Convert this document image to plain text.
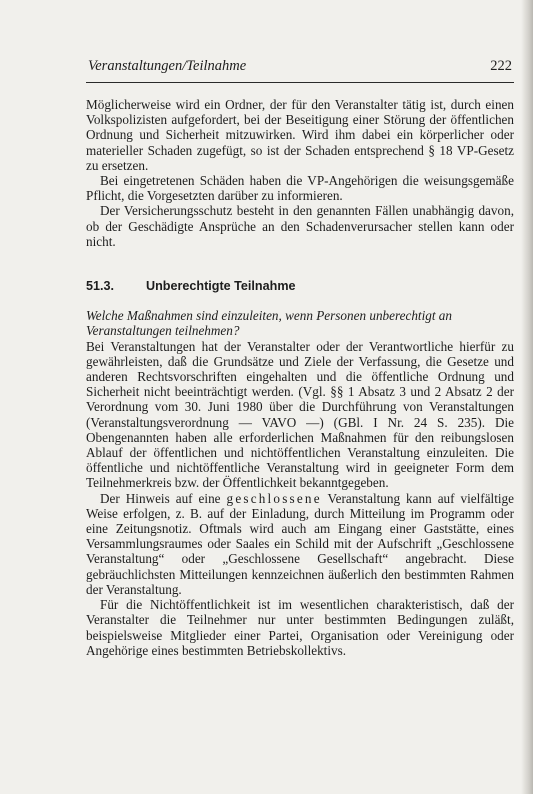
Veranstaltungen/Teilnahme	222

Möglicherweise wird ein Ordner, der für den Veranstalter tätig ist, durch einen Volkspolizisten aufgefordert, bei der Beseitigung einer Störung der öffentlichen Ordnung und Sicherheit mitzuwirken. Wird ihm dabei ein körperlicher oder materieller Schaden zugefügt, so ist der Schaden entsprechend § 18 VP-Gesetz zu ersetzen.

Bei eingetretenen Schäden haben die VP-Angehörigen die weisungsgemäße Pflicht, die Vorgesetzten darüber zu informieren.

Der Versicherungsschutz besteht in den genannten Fällen unabhängig davon, ob der Geschädigte Ansprüche an den Schadenverursacher stellen kann oder nicht.

51.3.	Unberechtigte Teilnahme

Welche Maßnahmen sind einzuleiten, wenn Personen unberechtigt an Veranstaltungen teilnehmen?

Bei Veranstaltungen hat der Veranstalter oder der Verantwortliche hierfür zu gewährleisten, daß die Grundsätze und Ziele der Verfassung, die Gesetze und anderen Rechtsvorschriften eingehalten und die öffentliche Ordnung und Sicherheit nicht beeinträchtigt werden. (Vgl. §§ 1 Absatz 3 und 2 Absatz 2 der Verordnung vom 30. Juni 1980 über die Durchführung von Veranstaltungen (Veranstaltungsverordnung — VAVO —) (GBl. I Nr. 24 S. 235). Die Obengenannten haben alle erforderlichen Maßnahmen für den reibungslosen Ablauf der öffentlichen und nichtöffentlichen Veranstaltung einzuleiten. Die öffentliche und nichtöffentliche Veranstaltung wird in geeigneter Form dem Teilnehmerkreis bzw. der Öffentlichkeit bekanntgegeben.

Der Hinweis auf eine geschlossene Veranstaltung kann auf vielfältige Weise erfolgen, z. B. auf der Einladung, durch Mitteilung im Programm oder eine Zeitungsnotiz. Oftmals wird auch am Eingang einer Gaststätte, eines Versammlungsraumes oder Saales ein Schild mit der Aufschrift „Geschlossene Veranstaltung“ oder „Geschlossene Gesellschaft“ angebracht. Diese gebräuchlichsten Mitteilungen kennzeichnen äußerlich den bestimmten Rahmen der Veranstaltung.

Für die Nichtöffentlichkeit ist im wesentlichen charakteristisch, daß der Veranstalter die Teilnehmer nur unter bestimmten Bedingungen zuläßt, beispielsweise Mitglieder einer Partei, Organisation oder Vereinigung oder Angehörige eines bestimmten Betriebskollektivs.
